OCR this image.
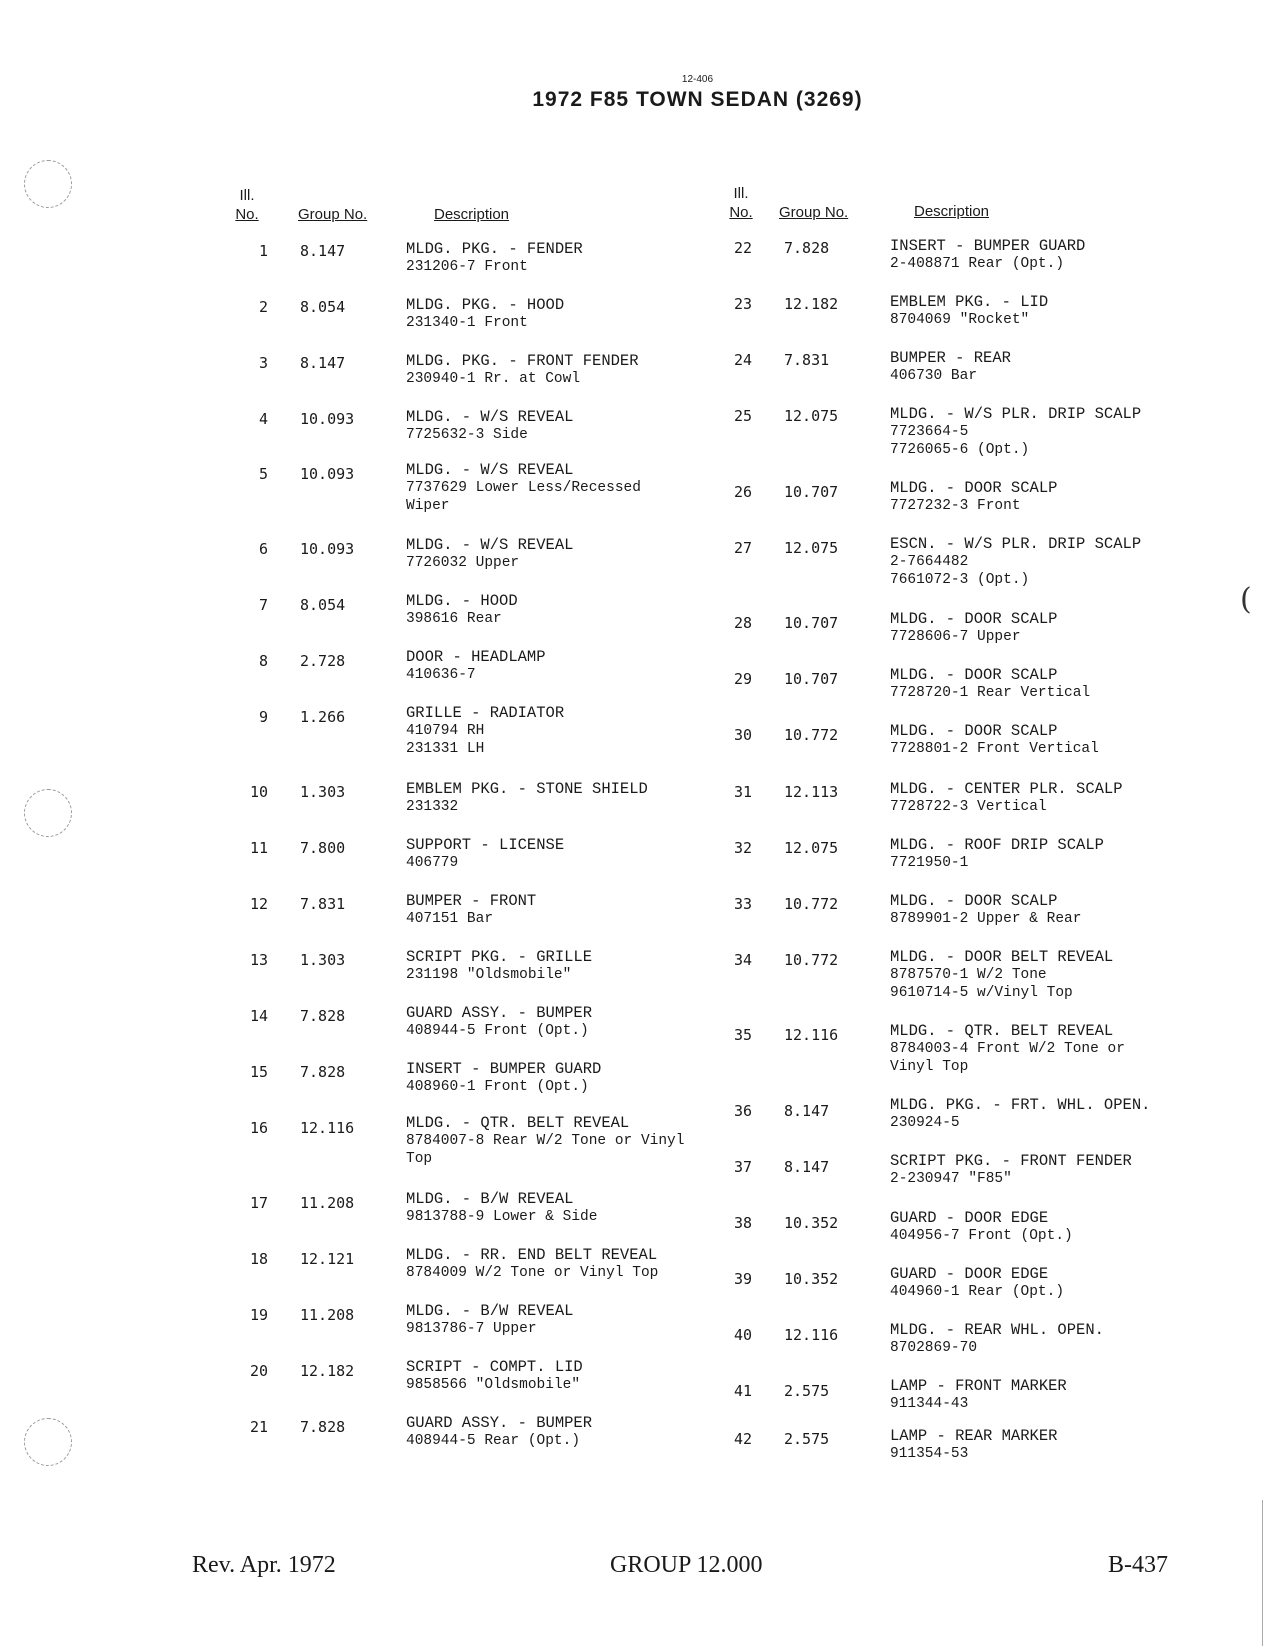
12-406
1972 F85 TOWN SEDAN (3269)
Ill.
No.	Group No.	Description
Ill.
No.	Group No.	Description
1 8.147	MLDG. PKG. - FENDER
231206-7 Front
2 8.054	MLDG. PKG. - HOOD
231340-1 Front
3 8.147	MLDG. PKG. - FRONT FENDER
230940-1 Rr. at Cowl
4 10.093	MLDG. - W/S REVEAL
7725632-3 Side
5 10.093	MLDG. - W/S REVEAL
7737629 Lower Less/Recessed
Wiper
6 10.093	MLDG. - W/S REVEAL
7726032 Upper
7 8.054	MLDG. - HOOD
398616 Rear
8 2.728	DOOR - HEADLAMP
410636-7
9 1.266	GRILLE - RADIATOR
410794 RH
231331 LH
10 1.303	EMBLEM PKG. - STONE SHIELD
231332
11 7.800	SUPPORT - LICENSE
406779
12 7.831	BUMPER - FRONT
407151 Bar
13 1.303	SCRIPT PKG. - GRILLE
231198 "Oldsmobile"
14 7.828	GUARD ASSY. - BUMPER
408944-5 Front (Opt.)
15 7.828	INSERT - BUMPER GUARD
408960-1 Front (Opt.)
16 12.116	MLDG. - QTR. BELT REVEAL
8784007-8 Rear W/2 Tone or Vinyl
Top
17 11.208	MLDG. - B/W REVEAL
9813788-9 Lower & Side
18 12.121	MLDG. - RR. END BELT REVEAL
8784009 W/2 Tone or Vinyl Top
19 11.208	MLDG. - B/W REVEAL
9813786-7 Upper
20 12.182	SCRIPT - COMPT. LID
9858566 "Oldsmobile"
21 7.828	GUARD ASSY. - BUMPER
408944-5 Rear (Opt.)
22 7.828	INSERT - BUMPER GUARD
2-408871 Rear (Opt.)
23 12.182	EMBLEM PKG. - LID
8704069 "Rocket"
24 7.831	BUMPER - REAR
406730 Bar
25 12.075	MLDG. - W/S PLR. DRIP SCALP
7723664-5
7726065-6 (Opt.)
26 10.707	MLDG. - DOOR SCALP
7727232-3 Front
27 12.075	ESCN. - W/S PLR. DRIP SCALP
2-7664482
7661072-3 (Opt.)
28 10.707	MLDG. - DOOR SCALP
7728606-7 Upper
29 10.707	MLDG. - DOOR SCALP
7728720-1 Rear Vertical
30 10.772	MLDG. - DOOR SCALP
7728801-2 Front Vertical
31 12.113	MLDG. - CENTER PLR. SCALP
7728722-3 Vertical
32 12.075	MLDG. - ROOF DRIP SCALP
7721950-1
33 10.772	MLDG. - DOOR SCALP
8789901-2 Upper & Rear
34 10.772	MLDG. - DOOR BELT REVEAL
8787570-1 W/2 Tone
9610714-5 w/Vinyl Top
35 12.116	MLDG. - QTR. BELT REVEAL
8784003-4 Front W/2 Tone or
Vinyl Top
36 8.147	MLDG. PKG. - FRT. WHL. OPEN.
230924-5
37 8.147	SCRIPT PKG. - FRONT FENDER
2-230947 "F85"
38 10.352	GUARD - DOOR EDGE
404956-7 Front (Opt.)
39 10.352	GUARD - DOOR EDGE
404960-1 Rear (Opt.)
40 12.116	MLDG. - REAR WHL. OPEN.
8702869-70
41 2.575	LAMP - FRONT MARKER
911344-43
42 2.575	LAMP - REAR MARKER
911354-53
(
Rev. Apr. 1972	GROUP 12.000	B-437
